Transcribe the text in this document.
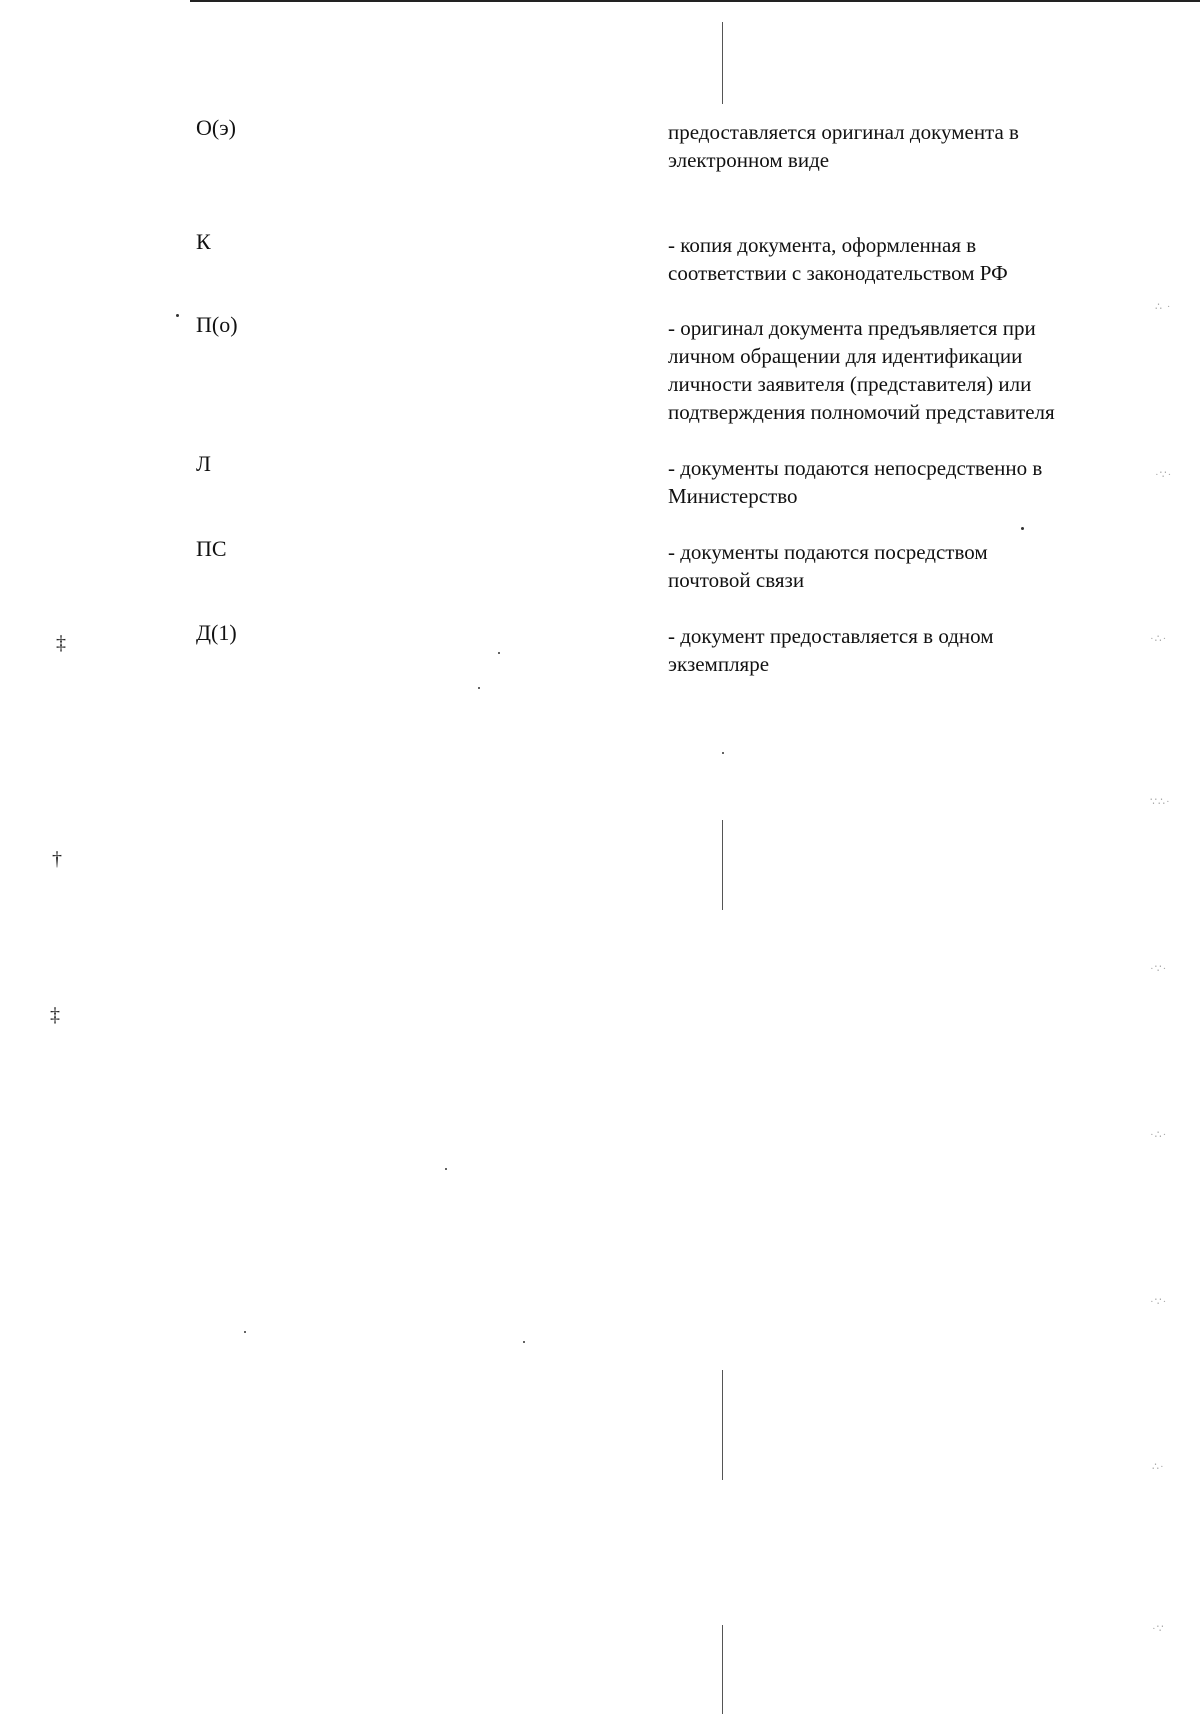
О(э)	предоставляется оригинал документа в
электронном виде
К	- копия документа, оформленная в
соответствии с законодательством РФ
П(о)	- оригинал документа предъявляется при
личном обращении для идентификации
личности заявителя (представителя) или
подтверждения полномочий представителя
Л	- документы подаются непосредственно в
Министерство
ПС	- документы подаются посредством
почтовой связи
Д(1)	- документ предоставляется в одном
экземпляре
‡
†
‡
∴ ·
·∵·
·∴·
∵∴·
·∵·
·∴·
·∵·
∴·
·∵
